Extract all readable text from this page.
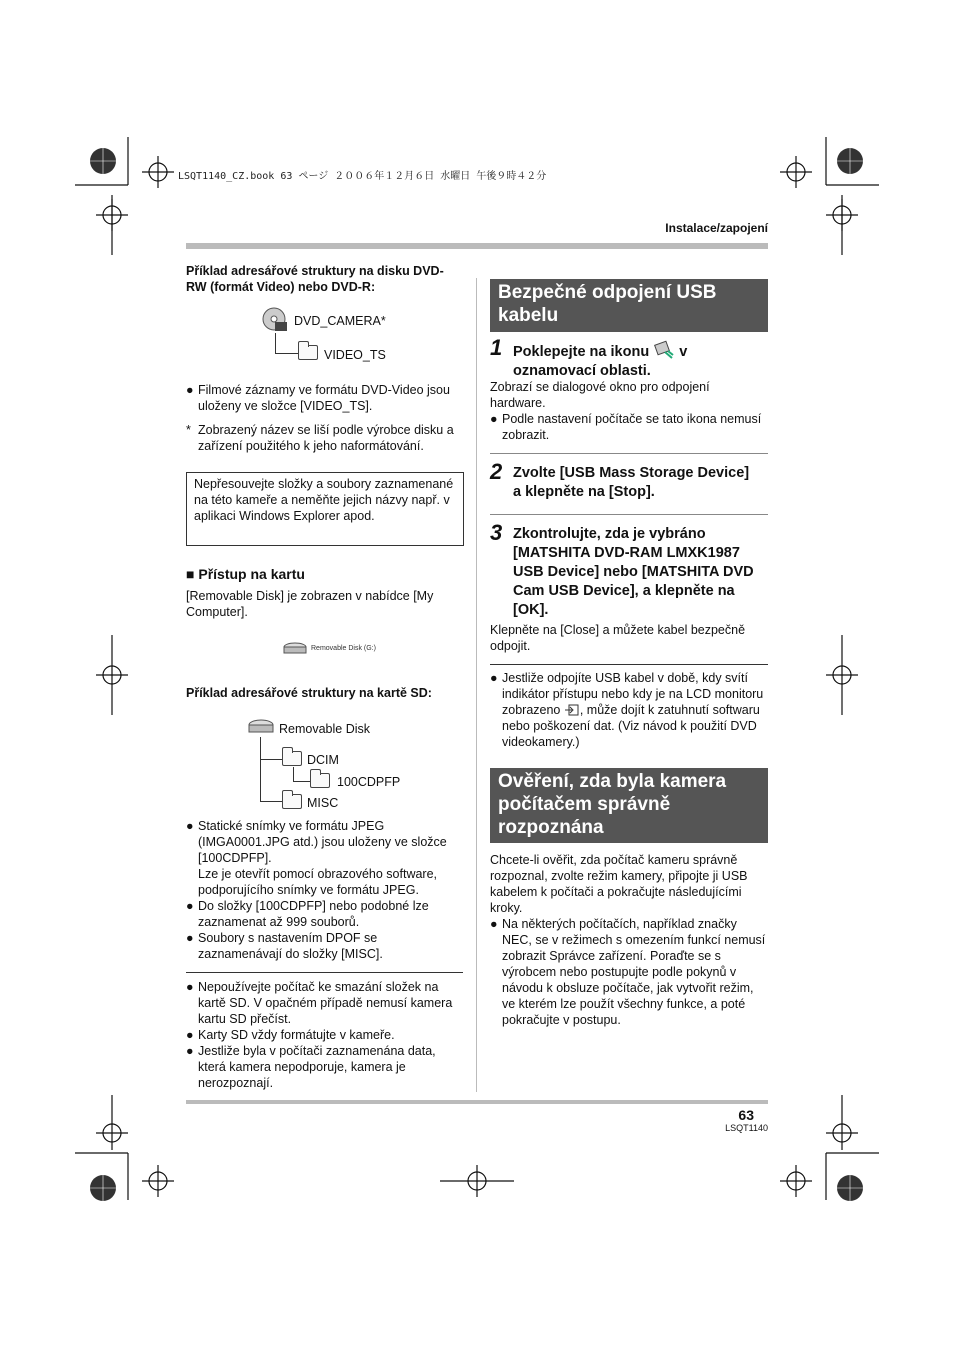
LSQT1140_CZ.book 63 ページ ２００６年１２月６日 水曜日 午後９時４２分
Instalace/zapojení
Příklad adresářové struktury na disku DVD-RW (formát Video) nebo DVD-R:
DVD_CAMERA*
VIDEO_TS
● Filmové záznamy ve formátu DVD-Video jsou uloženy ve složce [VIDEO_TS].
* Zobrazený název se liší podle výrobce disku a zařízení použitého k jeho naformátování.
Nepřesouvejte složky a soubory zaznamenané na této kameře a neměňte jejich názvy např. v aplikaci Windows Explorer apod.
■ Přístup na kartu
[Removable Disk] je zobrazen v nabídce [My Computer].
Removable Disk (G:)
Příklad adresářové struktury na kartě SD:
Removable Disk
DCIM
100CDPFP
MISC
● Statické snímky ve formátu JPEG (IMGA0001.JPG atd.) jsou uloženy ve složce [100CDPFP].
Lze je otevřít pomocí obrazového software, podporujícího snímky ve formátu JPEG.
● Do složky [100CDPFP] nebo podobné lze zaznamenat až 999 souborů.
● Soubory s nastavením DPOF se zaznamenávají do složky [MISC].
● Nepoužívejte počítač ke smazání složek na kartě SD. V opačném případě nemusí kamera kartu SD přečíst.
● Karty SD vždy formátujte v kameře.
● Jestliže byla v počítači zaznamenána data, která kamera nepodporuje, kamera je nerozpoznají.
Bezpečné odpojení USB kabelu
1 Poklepejte na ikonu v
oznamovací oblasti.
Zobrazí se dialogové okno pro odpojení hardware.
● Podle nastavení počítače se tato ikona nemusí zobrazit.
2 Zvolte [USB Mass Storage Device] a klepněte na [Stop].
3 Zkontrolujte, zda je vybráno [MATSHITA DVD-RAM LMXK1987 USB Device] nebo [MATSHITA DVD Cam USB Device], a klepněte na [OK].
Klepněte na [Close] a můžete kabel bezpečně odpojit.
● Jestliže odpojíte USB kabel v době, kdy svítí indikátor přístupu nebo kdy je na LCD monitoru zobrazeno , může dojít k zatuhnutí softwaru nebo poškození dat. (Viz návod k použití DVD videokamery.)
Ověření, zda byla kamera počítačem správně rozpoznána
Chcete-li ověřit, zda počítač kameru správně rozpoznal, zvolte režim kamery, připojte ji USB kabelem k počítači a pokračujte následujícími kroky.
● Na některých počítačích, například značky NEC, se v režimech s omezením funkcí nemusí zobrazit Správce zařízení. Poraďte se s výrobcem nebo postupujte podle pokynů v návodu k obsluze počítače, jak vytvořit režim, ve kterém lze použít všechny funkce, a poté pokračujte v postupu.
63
LSQT1140
